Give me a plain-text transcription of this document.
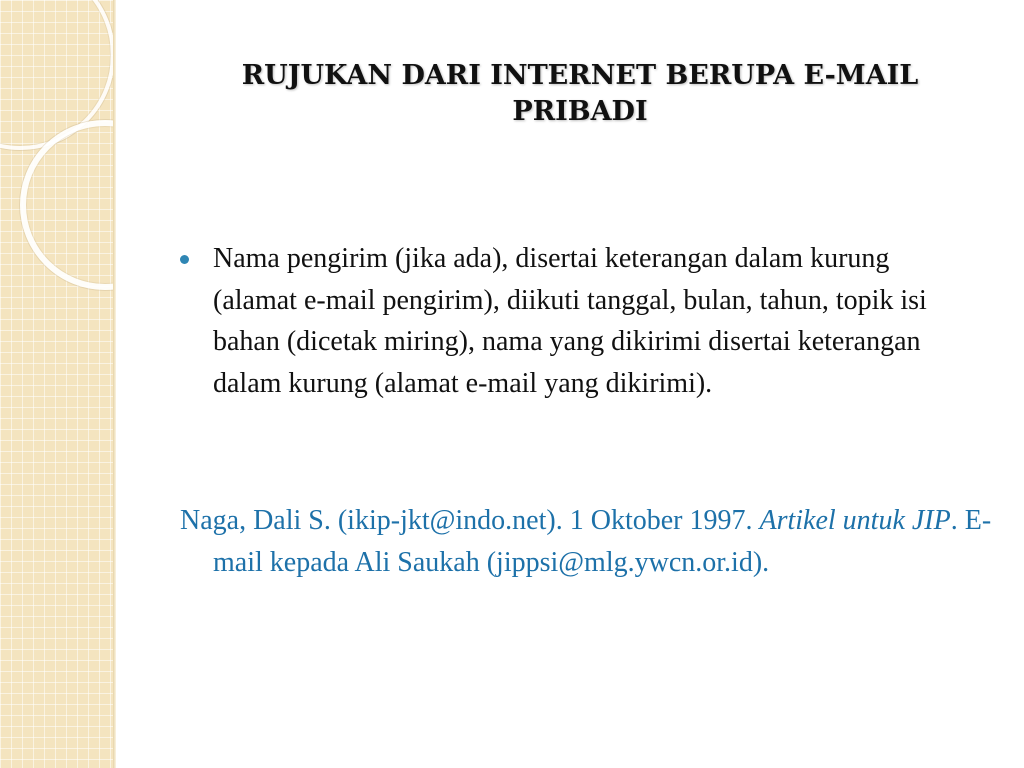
RUJUKAN DARI INTERNET BERUPA E-MAIL
PRIBADI

Nama pengirim (jika ada), disertai keterangan dalam kurung (alamat e-mail pengirim), diikuti tanggal, bulan, tahun, topik isi bahan (dicetak miring), nama yang dikirimi disertai keterangan dalam kurung (alamat e-mail yang dikirimi).

Naga, Dali S. (ikip-jkt@indo.net). 1 Oktober 1997. Artikel untuk JIP. E-mail kepada Ali Saukah (jippsi@mlg.ywcn.or.id).
